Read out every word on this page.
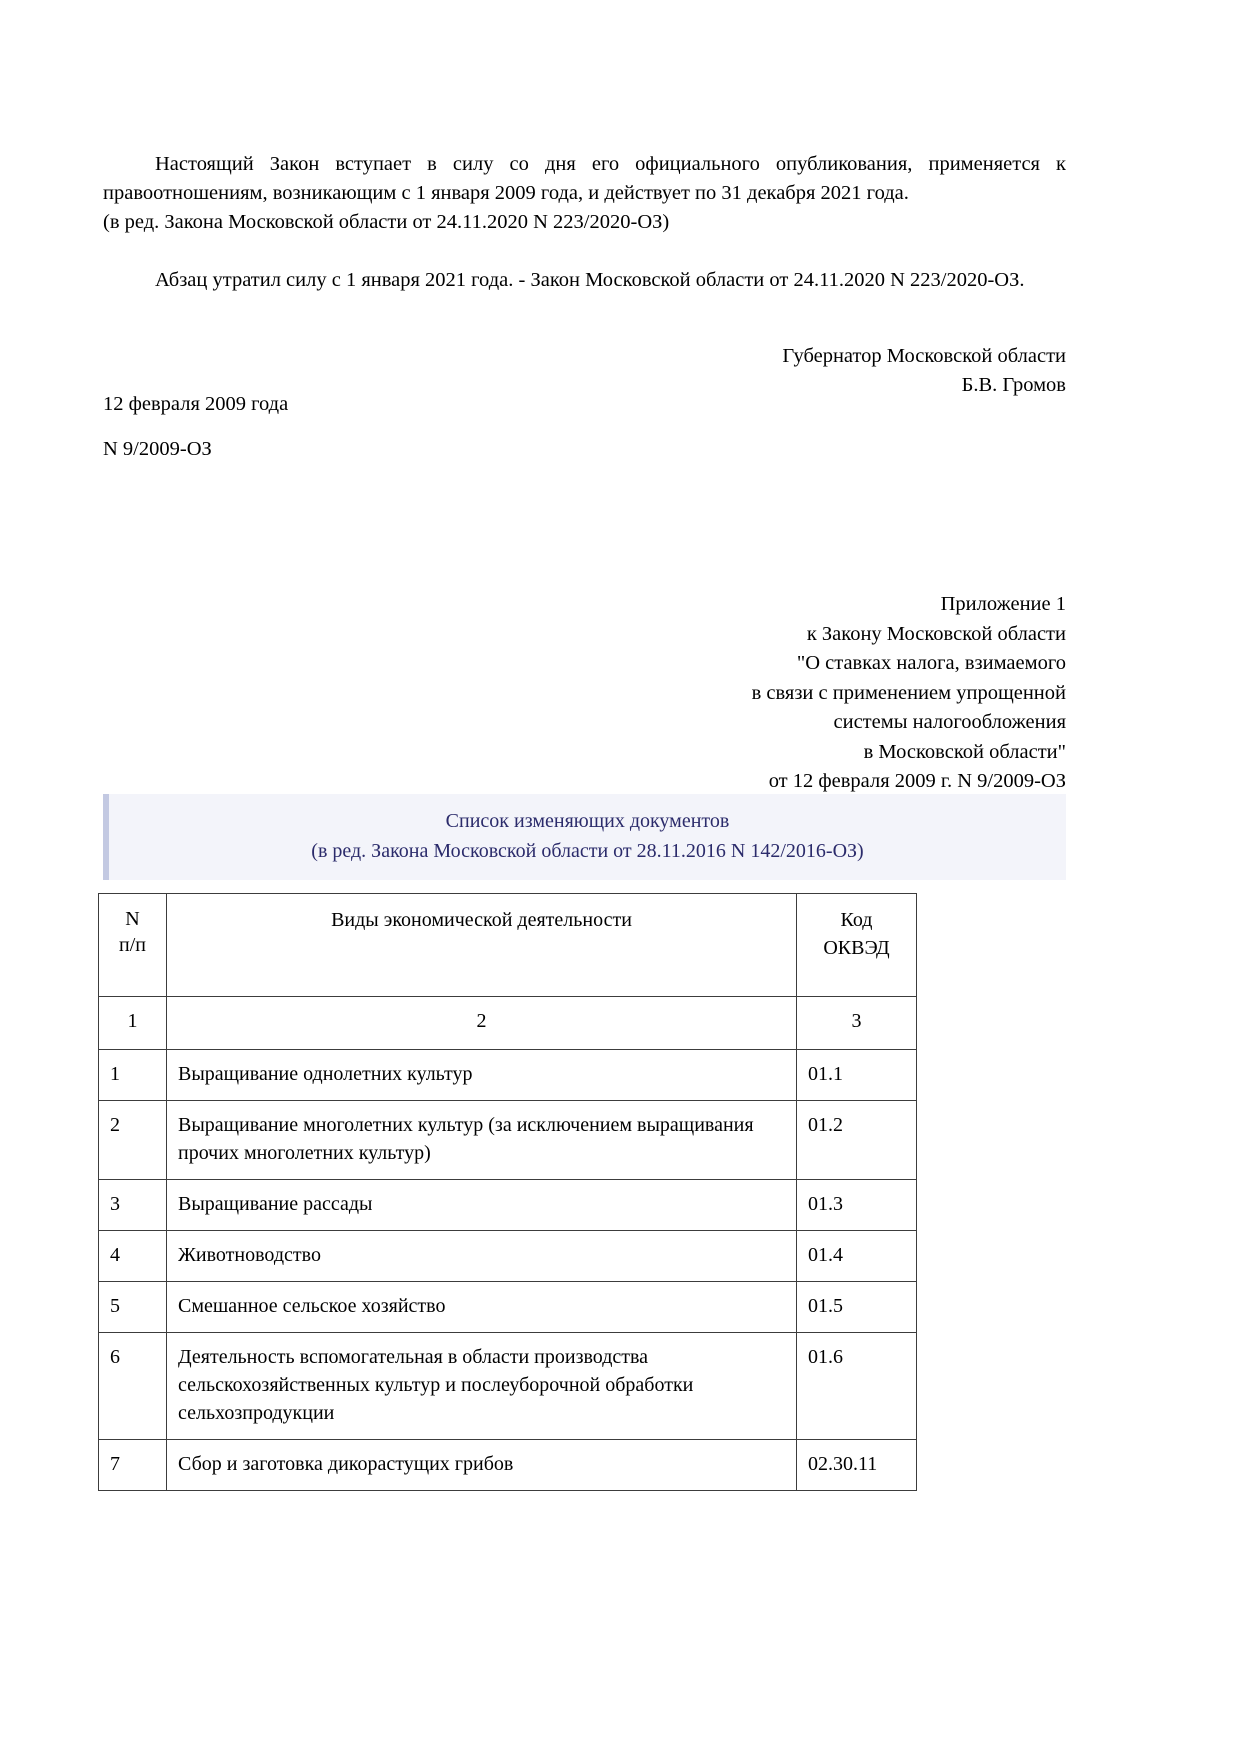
Настоящий Закон вступает в силу со дня его официального опубликования, применяется к правоотношениям, возникающим с 1 января 2009 года, и действует по 31 декабря 2021 года.

(в ред. Закона Московской области от 24.11.2020 N 223/2020-ОЗ)

Абзац утратил силу с 1 января 2021 года. - Закон Московской области от 24.11.2020 N 223/2020-ОЗ.

Губернатор Московской области
Б.В. Громов
12 февраля 2009 года
N 9/2009-ОЗ
Приложение 1
к Закону Московской области
"О ставках налога, взимаемого
в связи с применением упрощенной
системы налогообложения
в Московской области"
от 12 февраля 2009 г. N 9/2009-ОЗ
Список изменяющих документов
(в ред. Закона Московской области от 28.11.2016 N 142/2016-ОЗ)
N
п/п	Виды экономической деятельности	Код ОКВЭД
1	2	3
1	Выращивание однолетних культур	01.1
2	Выращивание многолетних культур (за исключением выращивания прочих многолетних культур)	01.2
3	Выращивание рассады	01.3
4	Животноводство	01.4
5	Смешанное сельское хозяйство	01.5
6	Деятельность вспомогательная в области производства сельскохозяйственных культур и послеуборочной обработки сельхозпродукции	01.6
7	Сбор и заготовка дикорастущих грибов	02.30.11
